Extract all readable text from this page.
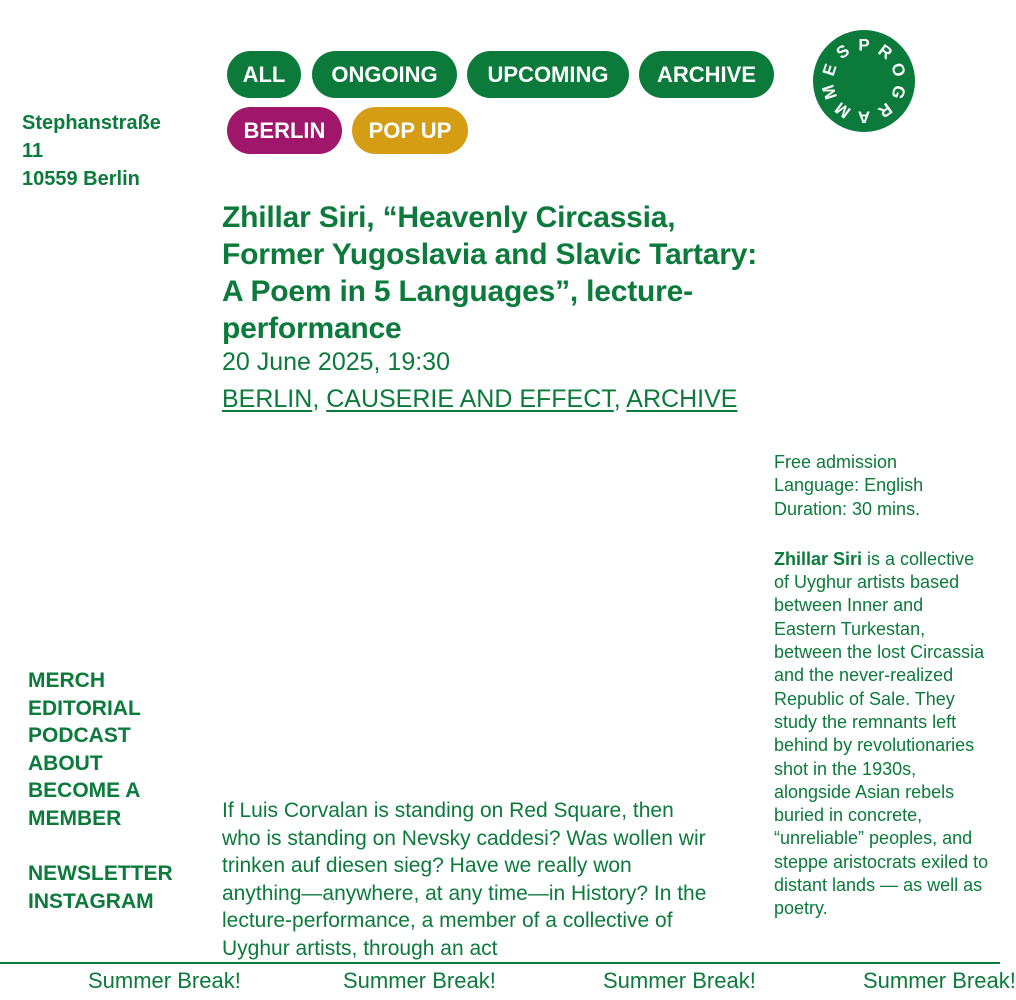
ALL	ONGOING	UPCOMING	ARCHIVE
BERLIN	POP UP
P R
O
G
R
A
M
M
E
S
Stephanstraße
11
10559 Berlin
Zhillar Siri, “Heavenly Circassia,
Former Yugoslavia and Slavic Tartary:
A Poem in 5 Languages”, lecture-
performance
20 June 2025, 19:30
BERLIN, CAUSERIE AND EFFECT, ARCHIVE

Free admission

Language: English

Duration: 30 mins.

Zhillar Siri is a collective of Uyghur artists based between Inner and Eastern Turkestan, between the lost Circassia and the never-realized Republic of Sale. They study the remnants left behind by revolutionaries shot in the 1930s, alongside Asian rebels buried in concrete, “unreliable” peoples, and steppe aristocrats exiled to distant lands — as well as poetry.

MERCH
EDITORIAL
PODCAST
ABOUT
BECOME A
MEMBER
NEWSLETTER
INSTAGRAM
If Luis Corvalan is standing on Red Square, then who is standing on Nevsky caddesi? Was wollen wir trinken auf diesen sieg? Have we really won anything—anywhere, at any time—in History? In the lecture-performance, a member of a collective of Uyghur artists, through an act
Summer Break!	Summer Break!	Summer Break!	Summer Break!
